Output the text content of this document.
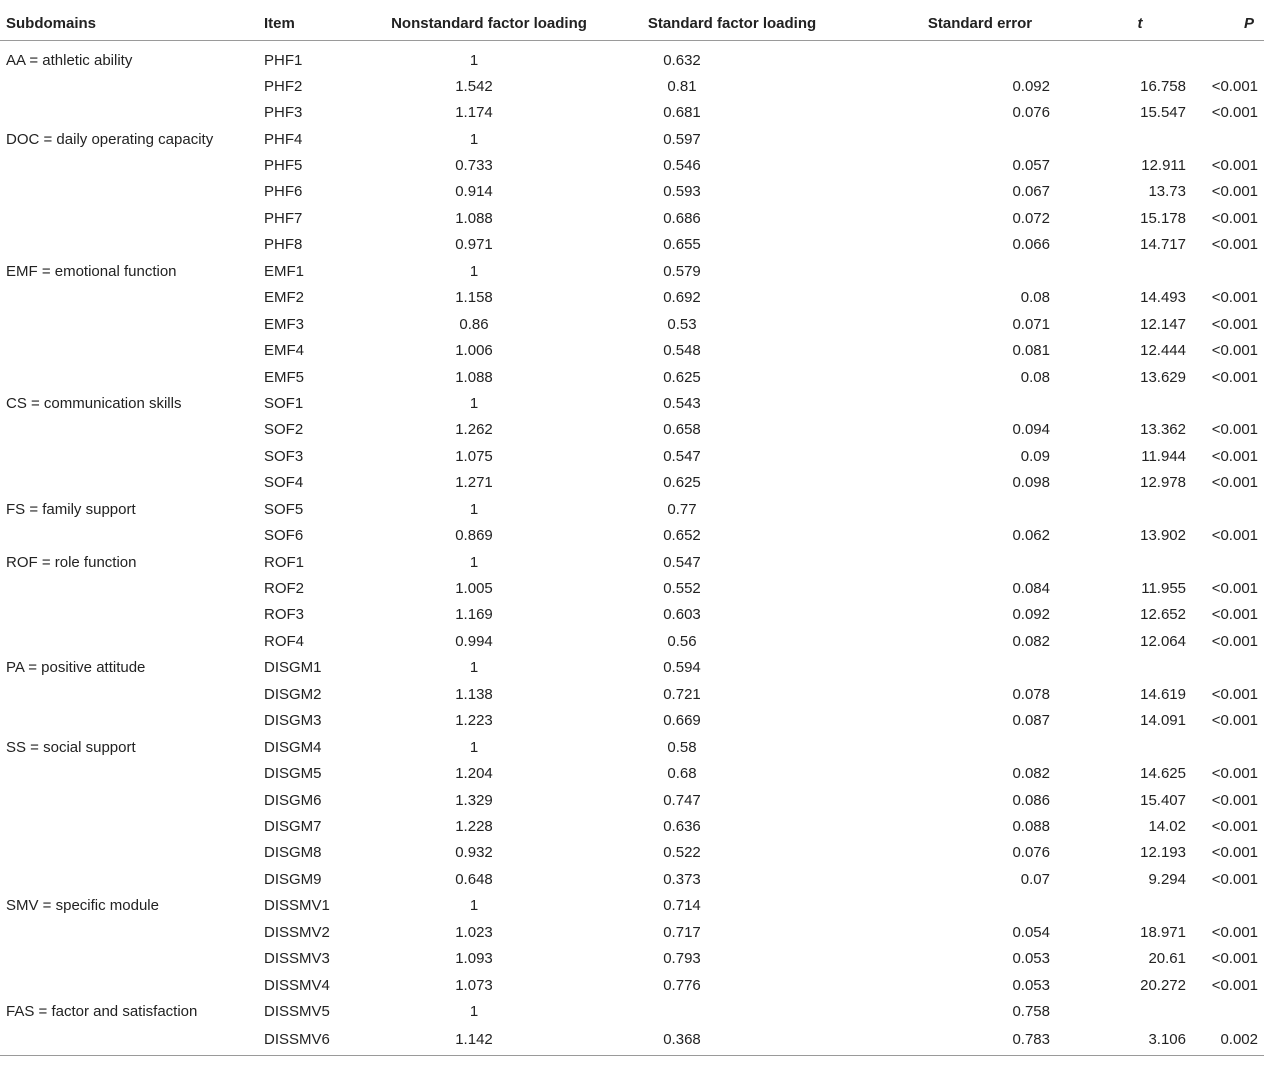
Subdomains	Item	Nonstandard factor loading	Standard factor loading	Standard error	t	P
AA = athletic ability	PHF1	1	0.632			
	PHF2	1.542	0.81	0.092	16.758	<0.001
	PHF3	1.174	0.681	0.076	15.547	<0.001
DOC = daily operating capacity	PHF4	1	0.597			
	PHF5	0.733	0.546	0.057	12.911	<0.001
	PHF6	0.914	0.593	0.067	13.73	<0.001
	PHF7	1.088	0.686	0.072	15.178	<0.001
	PHF8	0.971	0.655	0.066	14.717	<0.001
EMF = emotional function	EMF1	1	0.579			
	EMF2	1.158	0.692	0.08	14.493	<0.001
	EMF3	0.86	0.53	0.071	12.147	<0.001
	EMF4	1.006	0.548	0.081	12.444	<0.001
	EMF5	1.088	0.625	0.08	13.629	<0.001
CS = communication skills	SOF1	1	0.543			
	SOF2	1.262	0.658	0.094	13.362	<0.001
	SOF3	1.075	0.547	0.09	11.944	<0.001
	SOF4	1.271	0.625	0.098	12.978	<0.001
FS = family support	SOF5	1	0.77			
	SOF6	0.869	0.652	0.062	13.902	<0.001
ROF = role function	ROF1	1	0.547			
	ROF2	1.005	0.552	0.084	11.955	<0.001
	ROF3	1.169	0.603	0.092	12.652	<0.001
	ROF4	0.994	0.56	0.082	12.064	<0.001
PA = positive attitude	DISGM1	1	0.594			
	DISGM2	1.138	0.721	0.078	14.619	<0.001
	DISGM3	1.223	0.669	0.087	14.091	<0.001
SS = social support	DISGM4	1	0.58			
	DISGM5	1.204	0.68	0.082	14.625	<0.001
	DISGM6	1.329	0.747	0.086	15.407	<0.001
	DISGM7	1.228	0.636	0.088	14.02	<0.001
	DISGM8	0.932	0.522	0.076	12.193	<0.001
	DISGM9	0.648	0.373	0.07	9.294	<0.001
SMV = specific module	DISSMV1	1	0.714			
	DISSMV2	1.023	0.717	0.054	18.971	<0.001
	DISSMV3	1.093	0.793	0.053	20.61	<0.001
	DISSMV4	1.073	0.776	0.053	20.272	<0.001
FAS = factor and satisfaction	DISSMV5	1		0.758		
	DISSMV6	1.142	0.368	0.783	3.106	0.002
